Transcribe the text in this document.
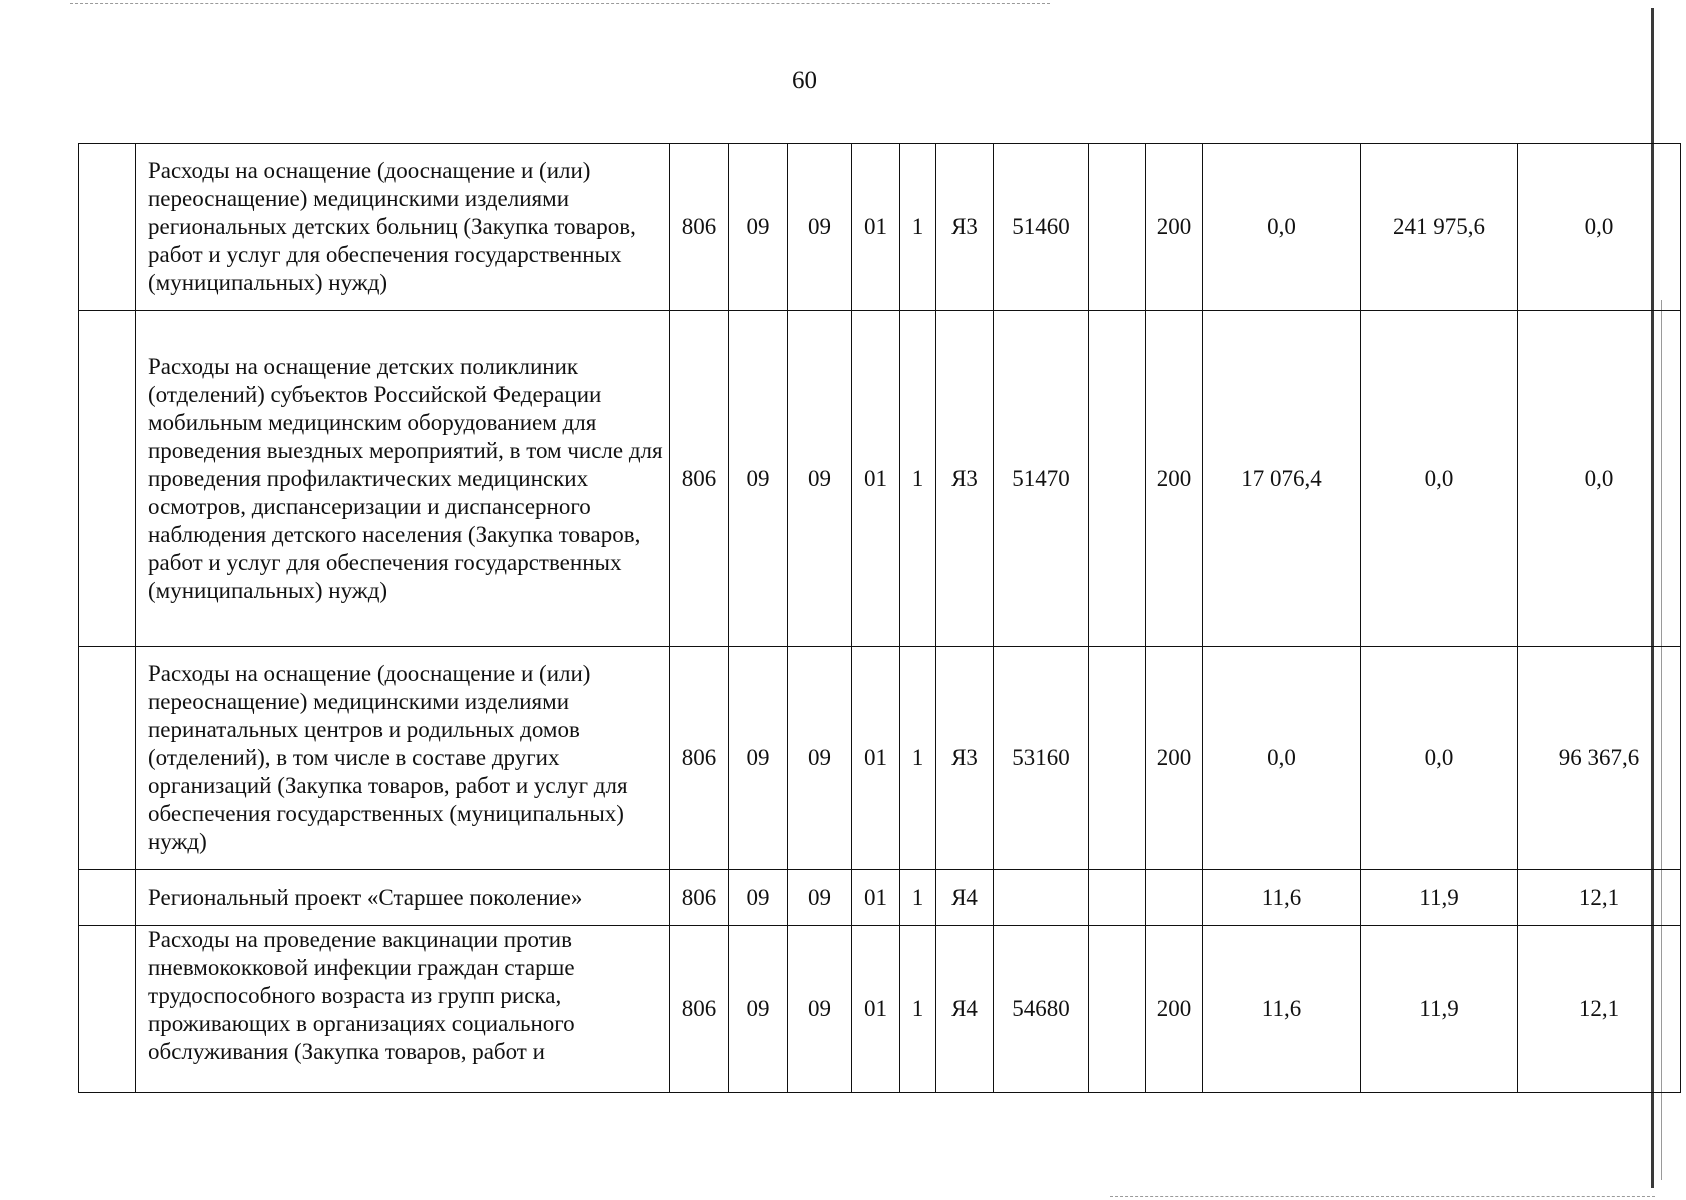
60
	Расходы на оснащение (дооснащение и (или) переоснащение) медицинскими изделиями региональных детских больниц (Закупка товаров, работ и услуг для обеспечения государственных (муниципальных) нужд)	806	09	09	01	1	Я3	51460		200	0,0	241 975,6	0,0
	Расходы на оснащение детских поликлиник (отделений) субъектов Российской Федерации мобильным медицинским оборудованием для проведения выездных мероприятий, в том числе для проведения профилактических медицинских осмотров, диспансеризации и диспансерного наблюдения детского населения (Закупка товаров, работ и услуг для обеспечения государственных (муниципальных) нужд)	806	09	09	01	1	Я3	51470		200	17 076,4	0,0	0,0
	Расходы на оснащение (дооснащение и (или) переоснащение) медицинскими изделиями перинатальных центров и родильных домов (отделений), в том числе в составе других организаций (Закупка товаров, работ и услуг для обеспечения государственных (муниципальных) нужд)	806	09	09	01	1	Я3	53160		200	0,0	0,0	96 367,6
	Региональный проект «Старшее поколение»	806	09	09	01	1	Я4				11,6	11,9	12,1
	Расходы на проведение вакцинации против пневмококковой инфекции граждан старше трудоспособного возраста из групп риска, проживающих в организациях социального обслуживания (Закупка товаров, работ и	806	09	09	01	1	Я4	54680		200	11,6	11,9	12,1
